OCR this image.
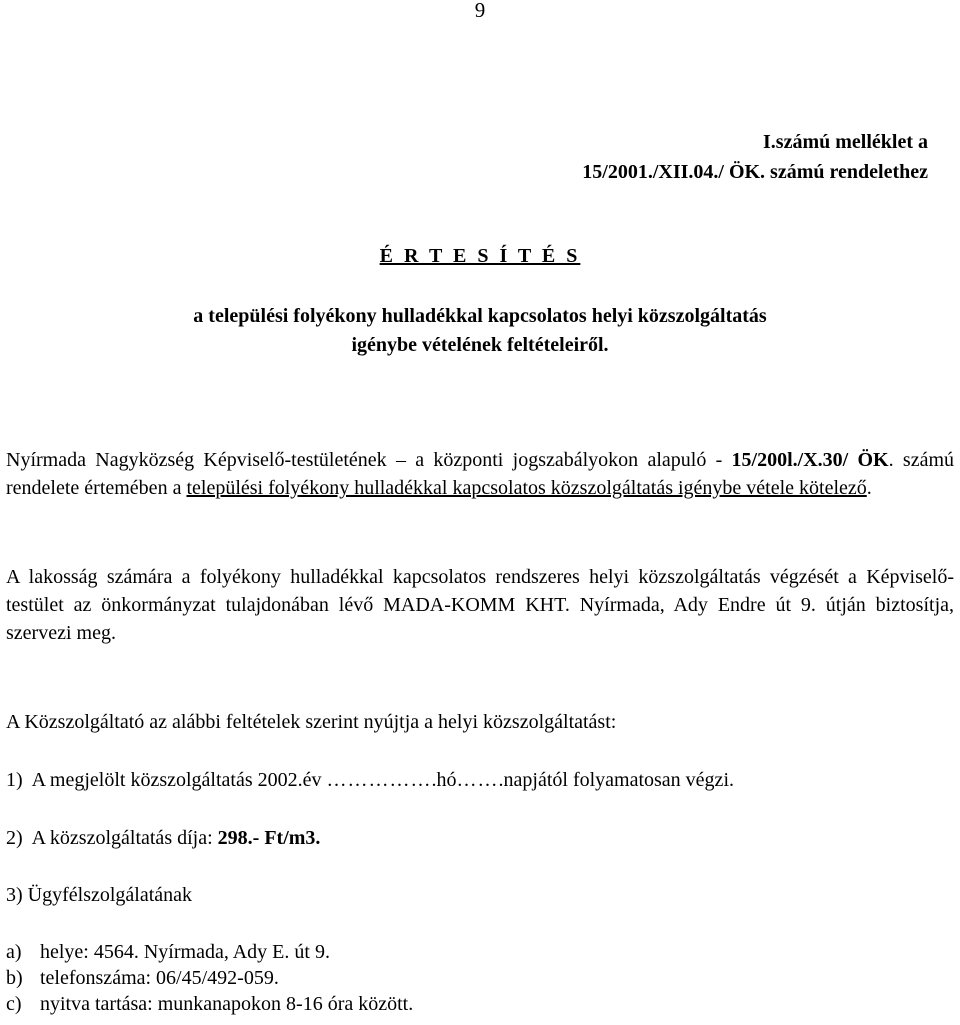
9
I.számú melléklet a
15/2001./XII.04./ ÖK. számú rendelethez
É R T E S Í T É S
a települési folyékony hulladékkal kapcsolatos helyi közszolgáltatás
igénybe vételének feltételeiről.
Nyírmada Nagyközség Képviselő-testületének – a központi jogszabályokon alapuló - 15/200l./X.30/ ÖK. számú rendelete értemében a települési folyékony hulladékkal kapcsolatos közszolgáltatás igénybe vétele kötelező.
A lakosság számára a folyékony hulladékkal kapcsolatos rendszeres helyi közszolgáltatás végzését a Képviselő-testület az önkormányzat tulajdonában lévő MADA-KOMM KHT. Nyírmada, Ady Endre út 9. útján biztosítja, szervezi meg.
A Közszolgáltató az alábbi feltételek szerint nyújtja a helyi közszolgáltatást:
1) A megjelölt közszolgáltatás 2002.év …………….hó…….napjától folyamatosan végzi.
2) A közszolgáltatás díja: 298.- Ft/m3.
3) Ügyfélszolgálatának
a) helye: 4564. Nyírmada, Ady E. út 9.
b) telefonszáma: 06/45/492-059.
c) nyitva tartása: munkanapokon 8-16 óra között.
